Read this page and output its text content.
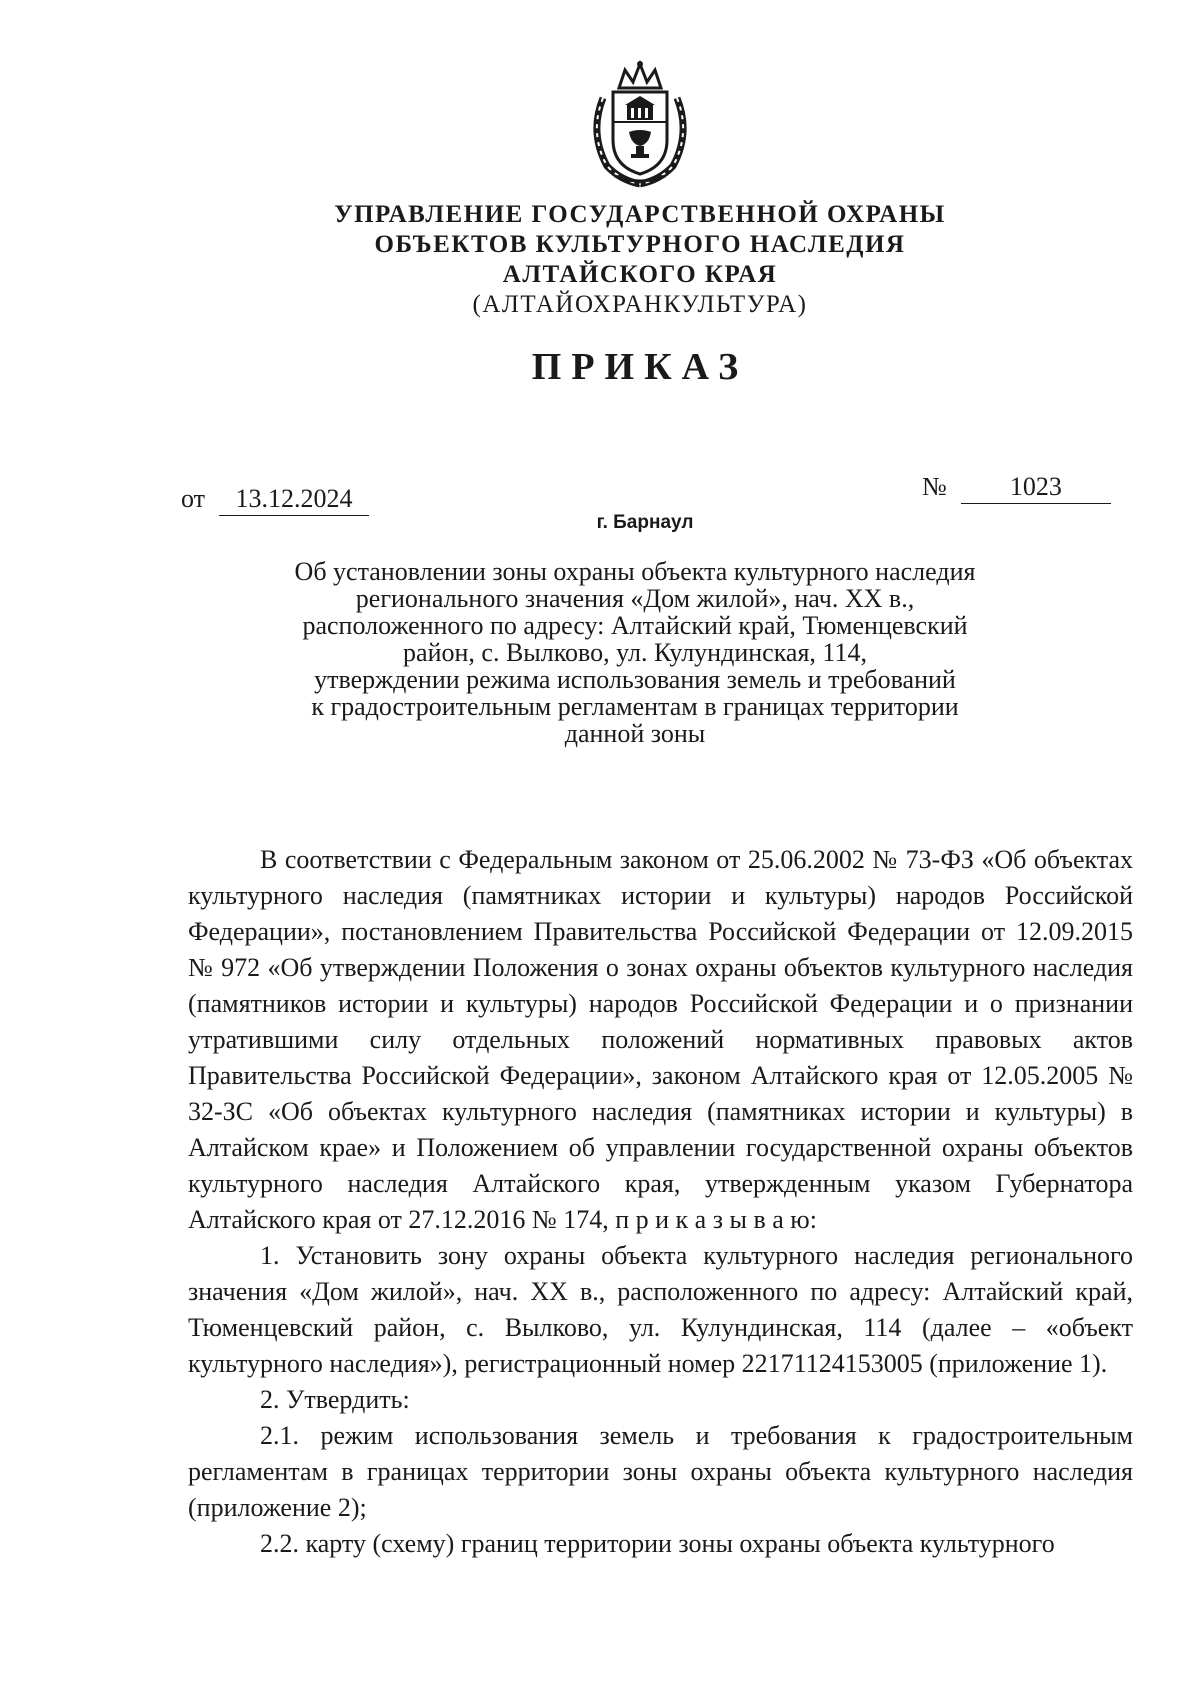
УПРАВЛЕНИЕ ГОСУДАРСТВЕННОЙ ОХРАНЫ
ОБЪЕКТОВ КУЛЬТУРНОГО НАСЛЕДИЯ
АЛТАЙСКОГО КРАЯ
(АЛТАЙОХРАНКУЛЬТУРА)
ПРИКАЗ
от 13.12.2024	№ 1023
г. Барнаул
Об установлении зоны охраны объекта культурного наследия
регионального значения «Дом жилой», нач. XX в.,
расположенного по адресу: Алтайский край, Тюменцевский
район, с. Вылково, ул. Кулундинская, 114,
утверждении режима использования земель и требований
к градостроительным регламентам в границах территории
данной зоны

В соответствии с Федеральным законом от 25.06.2002 № 73-ФЗ «Об объектах культурного наследия (памятниках истории и культуры) народов Российской Федерации», постановлением Правительства Российской Федерации от 12.09.2015 № 972 «Об утверждении Положения о зонах охраны объектов культурного наследия (памятников истории и культуры) народов Российской Федерации и о признании утратившими силу отдельных положений нормативных правовых актов Правительства Российской Федерации», законом Алтайского края от 12.05.2005 № 32-ЗС «Об объектах культурного наследия (памятниках истории и культуры) в Алтайском крае» и Положением об управлении государственной охраны объектов культурного наследия Алтайского края, утвержденным указом Губернатора Алтайского края от 27.12.2016 № 174, п р и к а з ы в а ю:

1. Установить зону охраны объекта культурного наследия регионального значения «Дом жилой», нач. XX в., расположенного по адресу: Алтайский край, Тюменцевский район, с. Вылково, ул. Кулундинская, 114 (далее – «объект культурного наследия»), регистрационный номер 22171124153005 (приложение 1).

2. Утвердить:

2.1. режим использования земель и требования к градостроительным регламентам в границах территории зоны охраны объекта культурного наследия (приложение 2);

2.2. карту (схему) границ территории зоны охраны объекта культурного
